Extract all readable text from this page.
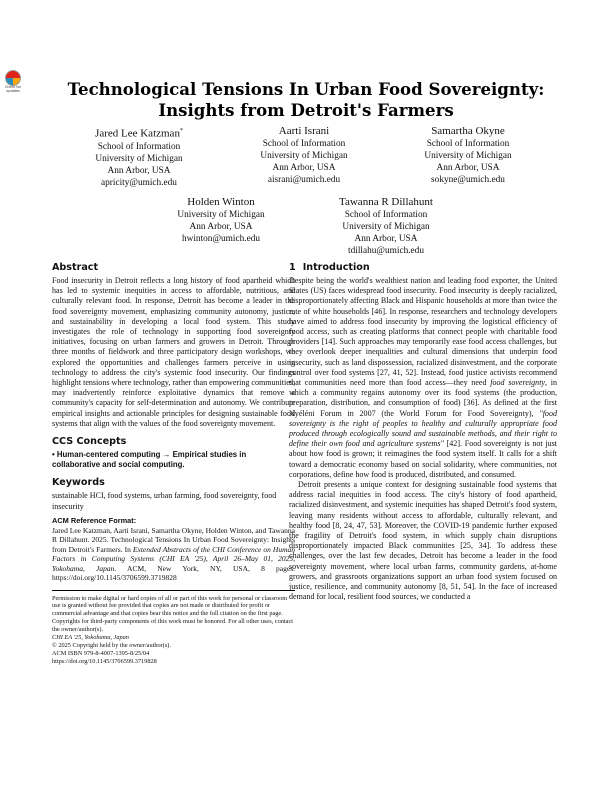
Check for updates	Technological Tensions In Urban Food Sovereignty: Insights from Detroit's Farmers
Jared Lee Katzman*
School of Information
University of Michigan
Ann Arbor, USA
apricity@umich.edu
Aarti Israni
School of Information
University of Michigan
Ann Arbor, USA
aisrani@umich.edu
Samartha Okyne
School of Information
University of Michigan
Ann Arbor, USA
sokyne@umich.edu
Holden Winton
University of Michigan
Ann Arbor, USA
hwinton@umich.edu
Tawanna R Dillahunt
School of Information
University of Michigan
Ann Arbor, USA
tdillahu@umich.edu
Abstract

Food insecurity in Detroit reflects a long history of food apartheid which has led to systemic inequities in access to affordable, nutritious, and culturally relevant food. In response, Detroit has become a leader in the food sovereignty movement, emphasizing community autonomy, justice, and sustainability in developing a local food system. This study investigates the role of technology in supporting food sovereignty initiatives, focusing on urban farmers and growers in Detroit. Through three months of fieldwork and three participatory design workshops, we explored the opportunities and challenges farmers perceive in using technology to address the city's systemic food insecurity. Our findings highlight tensions where technology, rather than empowering communities, may inadvertently reinforce exploitative dynamics that remove a community's capacity for self-determination and autonomy. We contribute empirical insights and actionable principles for designing sustainable food systems that align with the values of the food sovereignty movement.

CCS Concepts
• Human-centered computing → Empirical studies in collaborative and social computing.
Keywords

sustainable HCI, food systems, urban farming, food sovereignty, food insecurity

ACM Reference Format:
Jared Lee Katzman, Aarti Israni, Samartha Okyne, Holden Winton, and Tawanna R Dillahunt. 2025. Technological Tensions In Urban Food Sovereignty: Insights from Detroit's Farmers. In Extended Abstracts of the CHI Conference on Human Factors in Computing Systems (CHI EA '25), April 26–May 01, 2025, Yokohama, Japan. ACM, New York, NY, USA, 8 pages. https://doi.org/10.1145/3706599.3719828
Permission to make digital or hard copies of all or part of this work for personal or classroom use is granted without fee provided that copies are not made or distributed for profit or commercial advantage and that copies bear this notice and the full citation on the first page. Copyrights for third-party components of this work must be honored. For all other uses, contact the owner/author(s).
CHI EA '25, Yokohama, Japan
© 2025 Copyright held by the owner/author(s).
ACM ISBN 979-8-4007-1395-8/25/04
https://doi.org/10.1145/3706599.3719828
1 Introduction

Despite being the world's wealthiest nation and leading food exporter, the United States (US) faces widespread food insecurity. Food insecurity is deeply racialized, disproportionately affecting Black and Hispanic households at more than twice the rate of white households [46]. In response, researchers and technology developers have aimed to address food insecurity by improving the logistical efficiency of food access, such as creating platforms that connect people with charitable food providers [14]. Such approaches may temporarily ease food access challenges, but they overlook deeper inequalities and cultural dimensions that underpin food insecurity, such as land dispossession, racialized disinvestment, and the corporate control over food systems [27, 41, 52]. Instead, food justice activists recommend that communities need more than food access—they need food sovereignty, in which a community regains autonomy over its food systems (the production, preparation, distribution, and consumption of food) [36]. As defined at the first Nyéléni Forum in 2007 (the World Forum for Food Sovereignty), "food sovereignty is the right of peoples to healthy and culturally appropriate food produced through ecologically sound and sustainable methods, and their right to define their own food and agriculture systems" [42]. Food sovereignty is not just about how food is grown; it reimagines the food system itself. It calls for a shift toward a democratic economy based on social solidarity, where communities, not corporations, define how food is produced, distributed, and consumed.

Detroit presents a unique context for designing sustainable food systems that address racial inequities in food access. The city's history of food apartheid, racialized disinvestment, and systemic inequities has shaped Detroit's food system, leaving many residents without access to affordable, culturally relevant, and healthy food [8, 24, 47, 53]. Moreover, the COVID-19 pandemic further exposed the fragility of Detroit's food system, in which supply chain disruptions disproportionately impacted Black communities [25, 34]. To address these challenges, over the last few decades, Detroit has become a leader in the food sovereignty movement, where local urban farms, community gardens, at-home growers, and grassroots organizations support an urban food system focused on justice, resilience, and community autonomy [8, 51, 54]. In the face of increased demand for local, resilient food sources, we conducted a
